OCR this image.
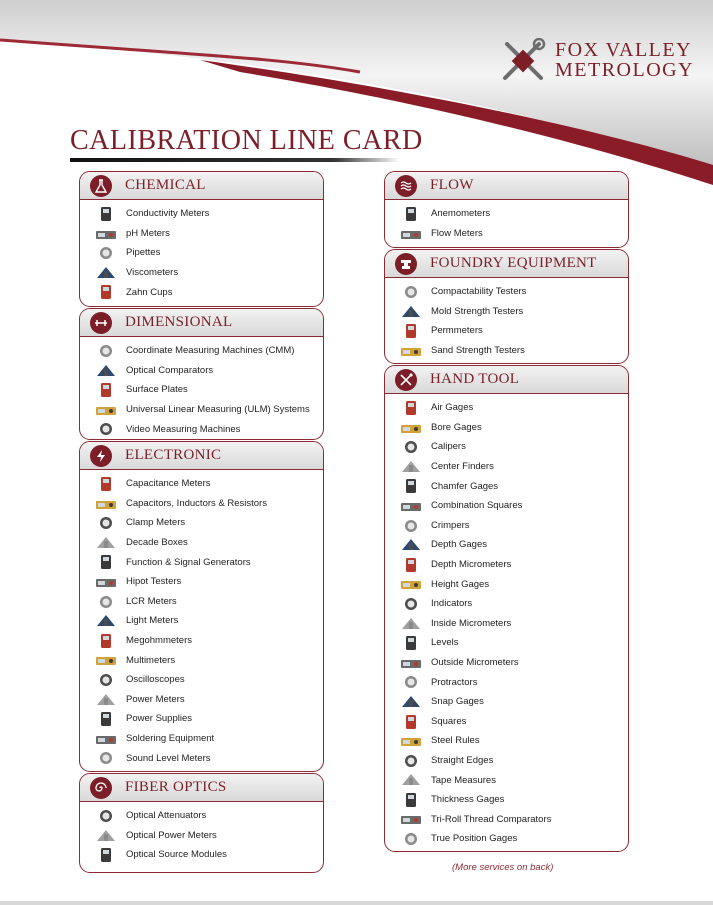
FOX VALLEY
METROLOGY
CALIBRATION LINE CARD
CHEMICAL
Conductivity Meters
pH Meters
Pipettes
Viscometers
Zahn Cups
DIMENSIONAL
Coordinate Measuring Machines (CMM)
Optical Comparators
Surface Plates
Universal Linear Measuring (ULM) Systems
Video Measuring Machines
ELECTRONIC
Capacitance Meters
Capacitors, Inductors & Resistors
Clamp Meters
Decade Boxes
Function & Signal Generators
Hipot Testers
LCR Meters
Light Meters
Megohmmeters
Multimeters
Oscilloscopes
Power Meters
Power Supplies
Soldering Equipment
Sound Level Meters
FIBER OPTICS
Optical Attenuators
Optical Power Meters
Optical Source Modules
FLOW
Anemometers
Flow Meters
FOUNDRY EQUIPMENT
Compactability Testers
Mold Strength Testers
Permmeters
Sand Strength Testers
HAND TOOL
Air Gages
Bore Gages
Calipers
Center Finders
Chamfer Gages
Combination Squares
Crimpers
Depth Gages
Depth Micrometers
Height Gages
Indicators
Inside Micrometers
Levels
Outside Micrometers
Protractors
Snap Gages
Squares
Steel Rules
Straight Edges
Tape Measures
Thickness Gages
Tri-Roll Thread Comparators
True Position Gages
(More services on back)
